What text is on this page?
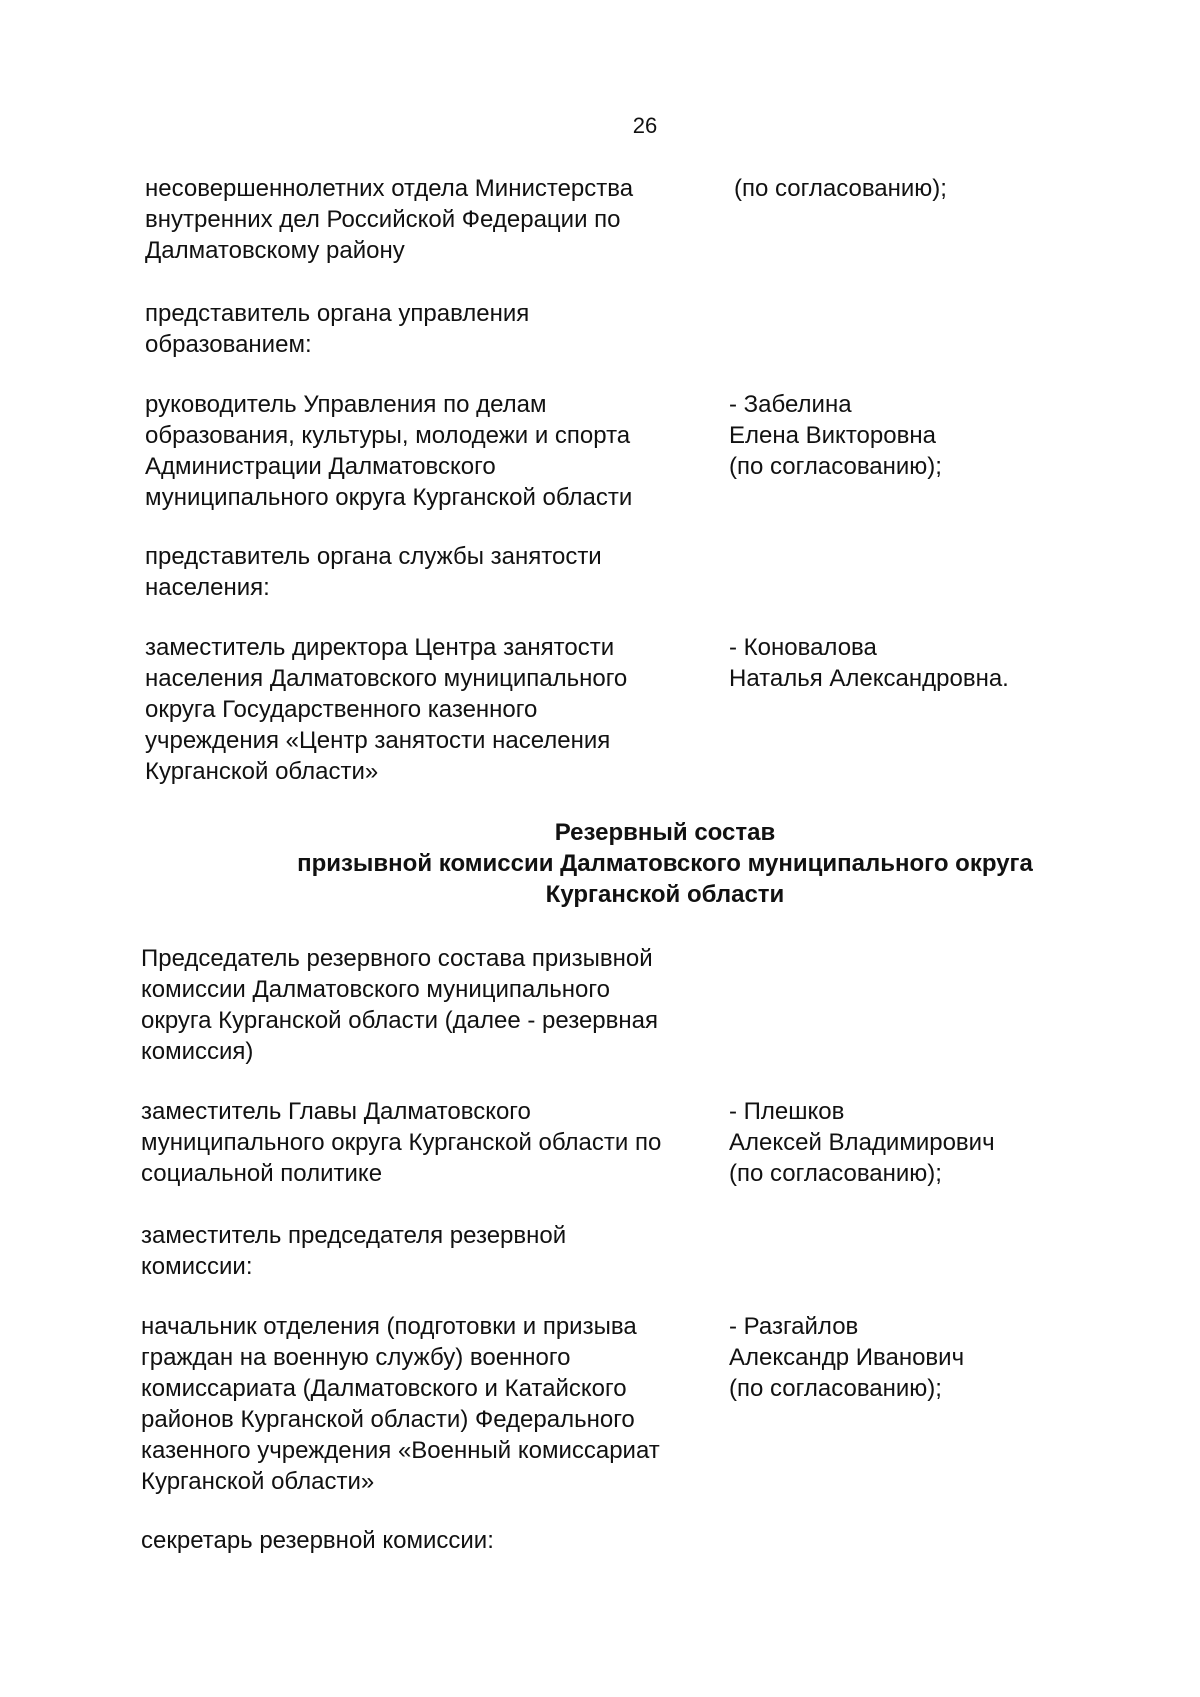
26
несовершеннолетних отдела Министерства
внутренних дел Российской Федерации по
Далматовскому району
(по согласованию);
представитель органа управления
образованием:
руководитель Управления по делам
образования, культуры, молодежи и спорта
Администрации Далматовского
муниципального округа Курганской области
- Забелина
Елена Викторовна
(по согласованию);
представитель органа службы занятости
населения:
заместитель директора Центра занятости
населения Далматовского муниципального
округа Государственного казенного
учреждения «Центр занятости населения
Курганской области»
- Коновалова
Наталья Александровна.
Резервный состав
призывной комиссии Далматовского муниципального округа
Курганской области
Председатель резервного состава призывной
комиссии Далматовского муниципального
округа Курганской области (далее - резервная
комиссия)
заместитель Главы Далматовского
муниципального округа Курганской области по
социальной политике
- Плешков
Алексей Владимирович
(по согласованию);
заместитель председателя резервной
комиссии:
начальник отделения (подготовки и призыва
граждан на военную службу) военного
комиссариата (Далматовского и Катайского
районов Курганской области) Федерального
казенного учреждения «Военный комиссариат
Курганской области»
- Разгайлов
Александр Иванович
(по согласованию);
секретарь резервной комиссии:
